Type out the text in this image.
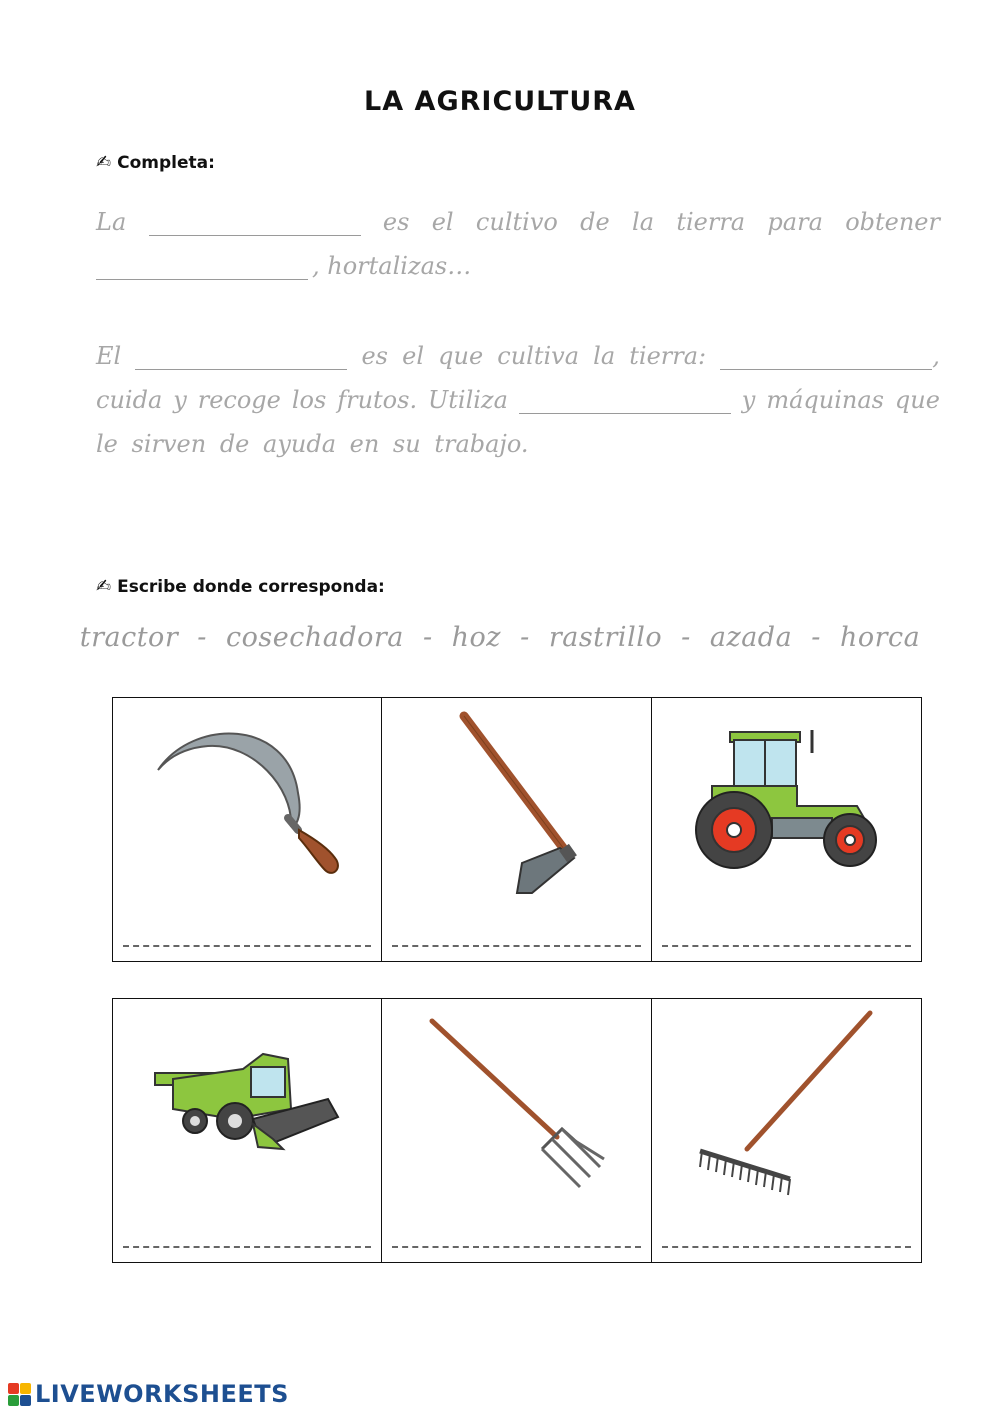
LA AGRICULTURA
✍ Completa:
La	es el cultivo de la tierra para obtener
, hortalizas…
El	es el que cultiva la tierra:	,
cuida y recoge los frutos. Utiliza	y máquinas que
le sirven de ayuda en su trabajo.
✍ Escribe donde corresponda:
tractor - cosechadora - hoz - rastrillo - azada - horca
LIVEWORKSHEETS
